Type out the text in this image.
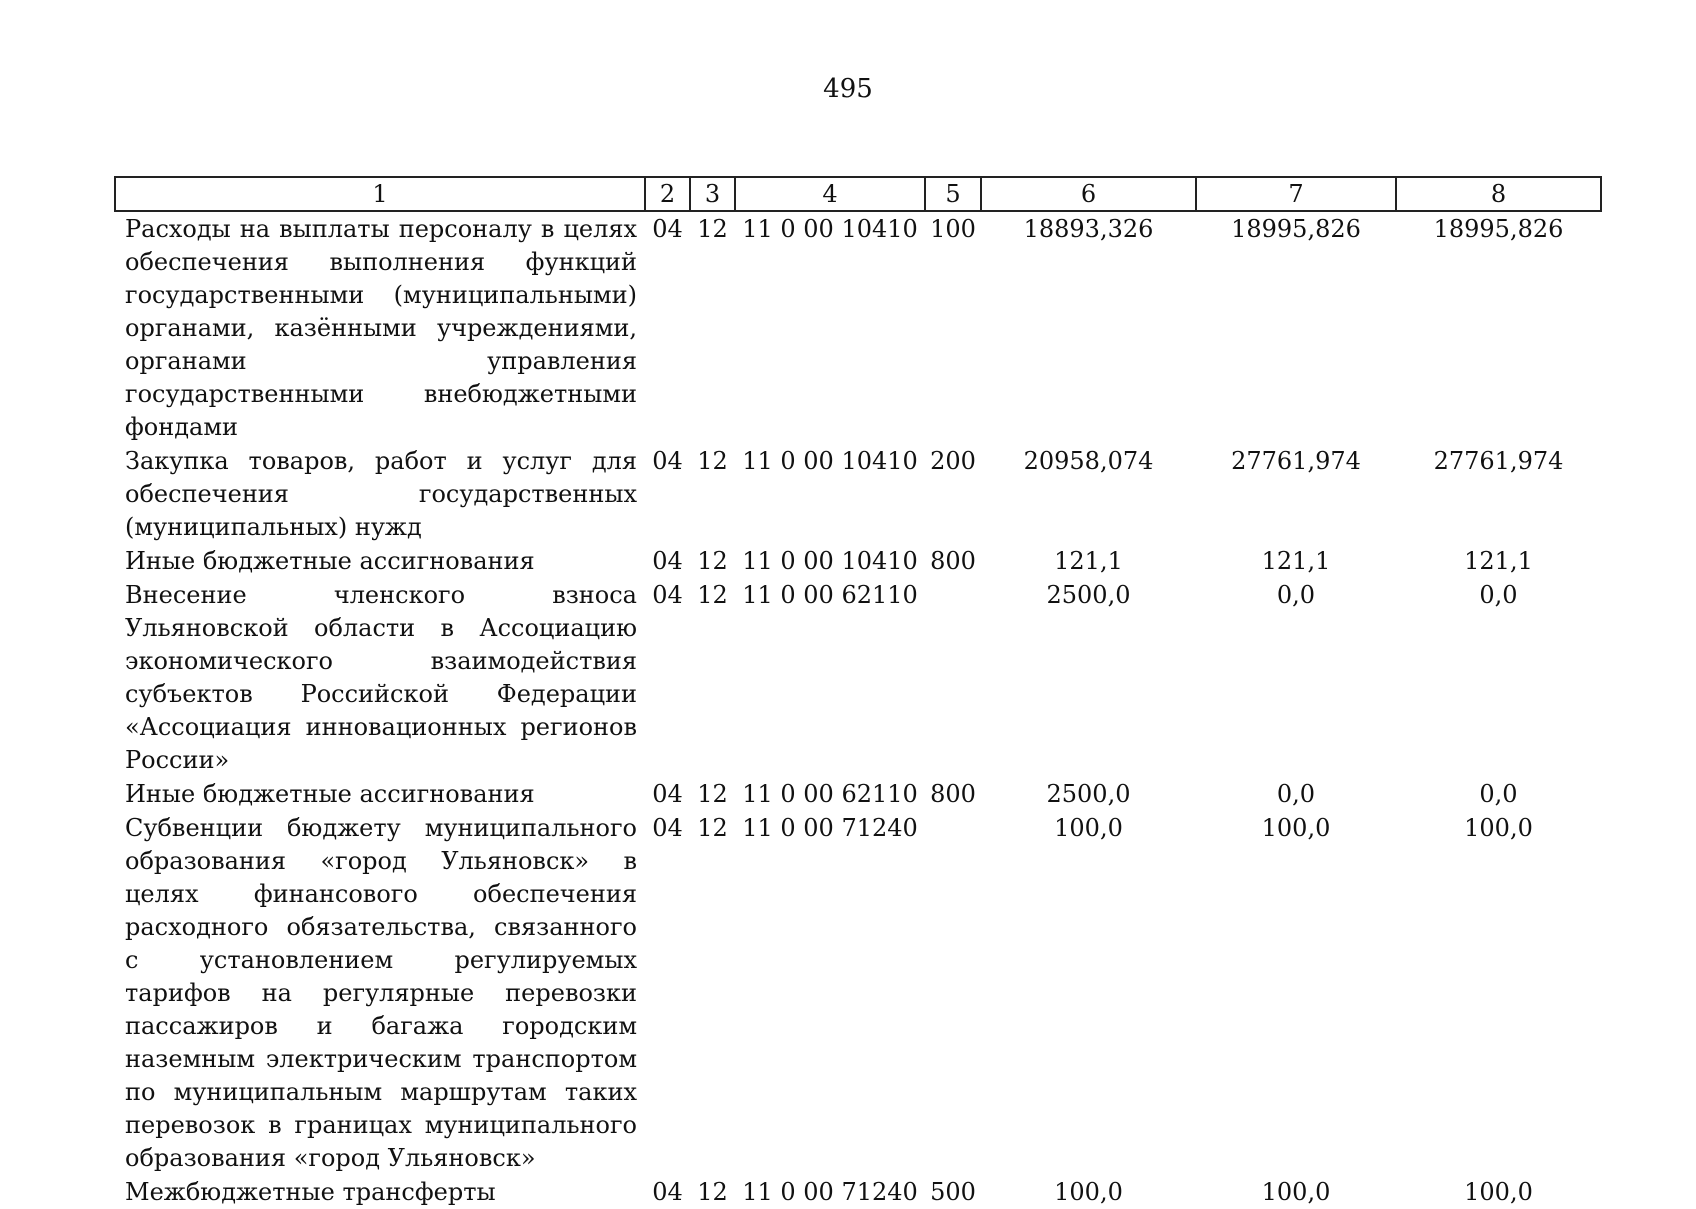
495
1	2	3	4	5	6	7	8
Расходы на выплаты персоналу в целях обеспечения выполнения функций государственными (муниципальными) органами, казёнными учреждениями, органами управления государственными внебюджетными фондами	04	12	11 0 00 10410	100	18893,326	18995,826	18995,826
Закупка товаров, работ и услуг для обеспечения государственных (муниципальных) нужд	04	12	11 0 00 10410	200	20958,074	27761,974	27761,974
Иные бюджетные ассигнования	04	12	11 0 00 10410	800	121,1	121,1	121,1
Внесение членского взноса Ульяновской области в Ассоциацию экономического взаимодействия субъектов Российской Федерации «Ассоциация инновационных регионов России»	04	12	11 0 00 62110		2500,0	0,0	0,0
Иные бюджетные ассигнования	04	12	11 0 00 62110	800	2500,0	0,0	0,0
Субвенции бюджету муниципального образования «город Ульяновск» в целях финансового обеспечения расходного обязательства, связанного с установлением регулируемых тарифов на регулярные перевозки пассажиров и багажа городским наземным электрическим транспортом по муниципальным маршрутам таких перевозок в границах муниципального образования «город Ульяновск»	04	12	11 0 00 71240		100,0	100,0	100,0
Межбюджетные трансферты	04	12	11 0 00 71240	500	100,0	100,0	100,0
